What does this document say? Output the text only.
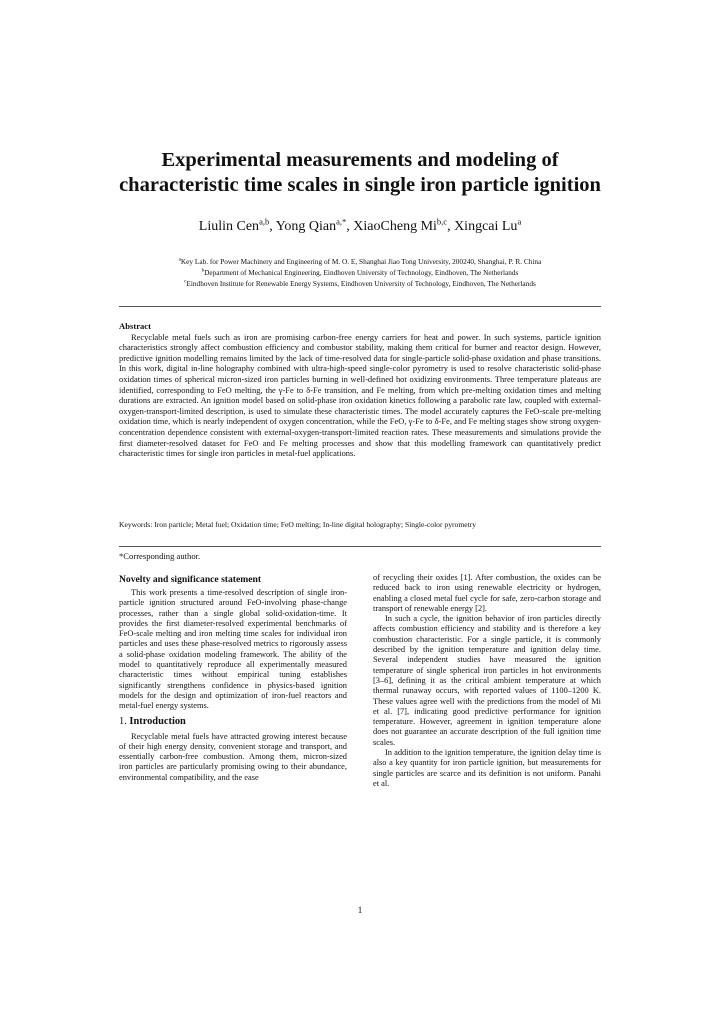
Experimental measurements and modeling of
characteristic time scales in single iron particle ignition
Liulin Cen$^{a,b}$, Yong Qian$^{a,*}$, XiaoCheng Mi$^{b,c}$, Xingcai Lu$^a$
$^a$Key Lab. for Power Machinery and Engineering of M. O. E, Shanghai Jiao Tong University, 200240, Shanghai, P. R. China
$^b$Department of Mechanical Engineering, Eindhoven University of Technology, Eindhoven, The Netherlands
$^c$Eindhoven Institute for Renewable Energy Systems, Eindhoven University of Technology, Eindhoven, The Netherlands
Abstract
Recyclable metal fuels such as iron are promising carbon-free energy carriers for heat and power. In such systems, particle ignition characteristics strongly affect combustion efficiency and combustor stability, making them critical for burner and reactor design. However, predictive ignition modelling remains limited by the lack of time-resolved data for single-particle solid-phase oxidation and phase transitions. In this work, digital in-line holography combined with ultra-high-speed single-color pyrometry is used to resolve characteristic solid-phase oxidation times of spherical micron-sized iron particles burning in well-defined hot oxidizing environments. Three temperature plateaus are identified, corresponding to FeO melting, the γ-Fe to δ-Fe transition, and Fe melting, from which pre-melting oxidation times and melting durations are extracted. An ignition model based on solid-phase iron oxidation kinetics following a parabolic rate law, coupled with external-oxygen-transport-limited description, is used to simulate these characteristic times. The model accurately captures the FeO-scale pre-melting oxidation time, which is nearly independent of oxygen concentration, while the FeO, γ-Fe to δ-Fe, and Fe melting stages show strong oxygen-concentration dependence consistent with external-oxygen-transport-limited reaction rates. These measurements and simulations provide the first diameter-resolved dataset for FeO and Fe melting processes and show that this modelling framework can quantitatively predict characteristic times for single iron particles in metal-fuel applications.
Keywords: Iron particle; Metal fuel; Oxidation time; FeO melting; In-line digital holography; Single-color pyrometry
*Corresponding author.
Novelty and significance statement

This work presents a time-resolved description of single iron-particle ignition structured around FeO-involving phase-change processes, rather than a single global solid-oxidation-time. It provides the first diameter-resolved experimental benchmarks of FeO-scale melting and iron melting time scales for individual iron particles and uses these phase-resolved metrics to rigorously assess a solid-phase oxidation modeling framework. The ability of the model to quantitatively reproduce all experimentally measured characteristic times without empirical tuning establishes significantly strengthens confidence in physics-based ignition models for the design and optimization of iron-fuel reactors and metal-fuel energy systems.

1. Introduction

Recyclable metal fuels have attracted growing interest because of their high energy density, convenient storage and transport, and essentially carbon-free combustion. Among them, micron-sized iron particles are particularly promising owing to their abundance, environmental compatibility, and the ease

of recycling their oxides [1]. After combustion, the oxides can be reduced back to iron using renewable electricity or hydrogen, enabling a closed metal fuel cycle for safe, zero-carbon storage and transport of renewable energy [2].

In such a cycle, the ignition behavior of iron particles directly affects combustion efficiency and stability and is therefore a key combustion characteristic. For a single particle, it is commonly described by the ignition temperature and ignition delay time. Several independent studies have measured the ignition temperature of single spherical iron particles in hot environments [3–6], defining it as the critical ambient temperature at which thermal runaway occurs, with reported values of 1100–1200 K. These values agree well with the predictions from the model of Mi et al. [7], indicating good predictive performance for ignition temperature. However, agreement in ignition temperature alone does not guarantee an accurate description of the full ignition time scales.

In addition to the ignition temperature, the ignition delay time is also a key quantity for iron particle ignition, but measurements for single particles are scarce and its definition is not uniform. Panahi et al.

1
